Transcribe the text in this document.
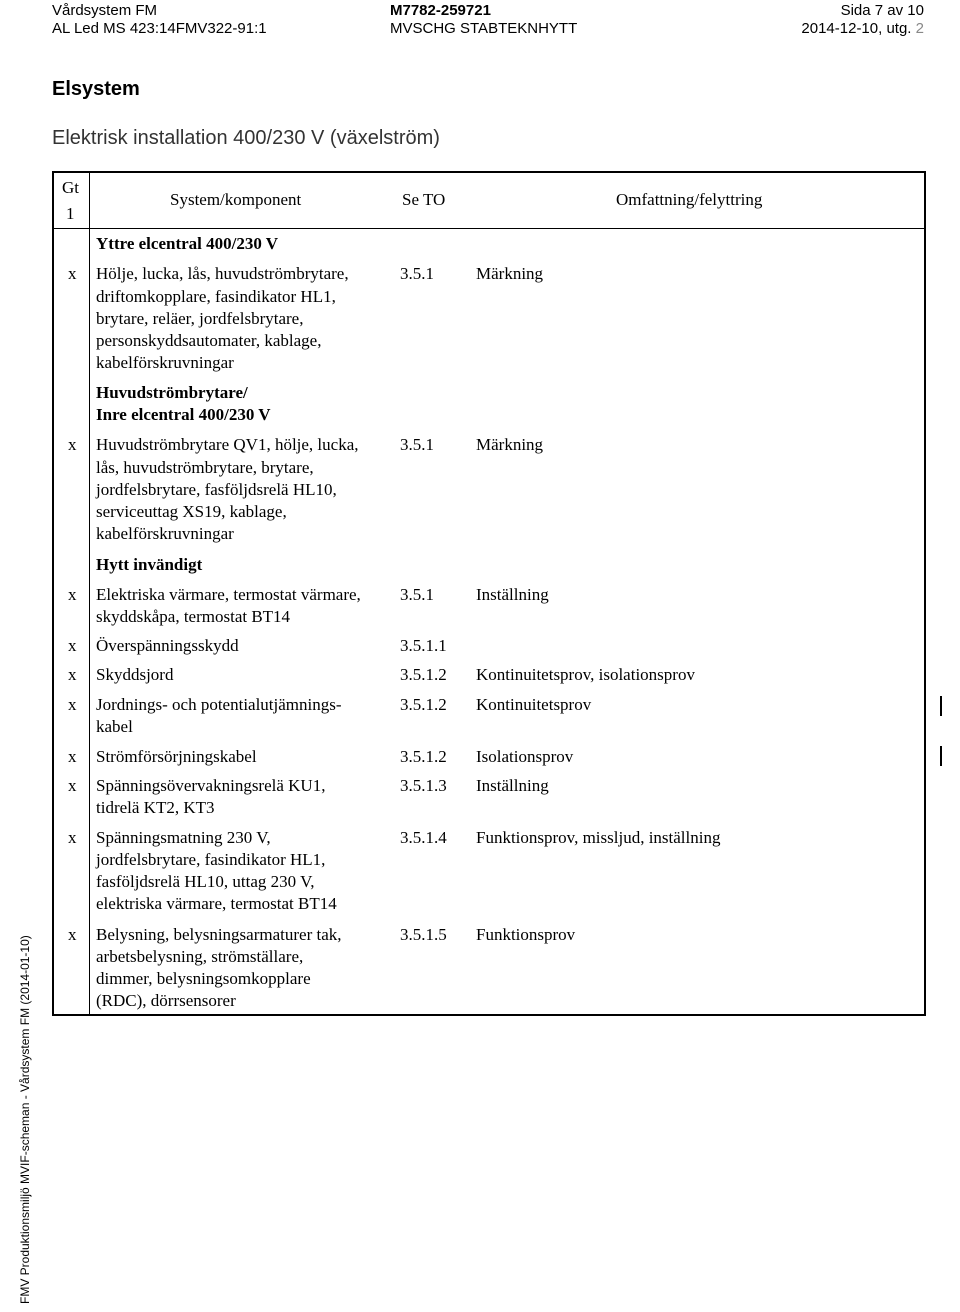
Vårdsystem FM
AL Led MS 423:14FMV322-91:1
M7782-259721
MVSCHG STABTEKNHYTT
Sida 7 av 10
2014-12-10, utg. 2
Elsystem
Elektrisk installation 400/230 V (växelström)
Gt
1
System/komponent	Se TO	Omfattning/felyttring
Yttre elcentral 400/230 V
x Hölje, lucka, lås, huvudströmbrytare,
driftomkopplare, fasindikator HL1,
brytare, reläer, jordfelsbrytare,
personskyddsautomater, kablage,
kabelförskruvningar
3.5.1 Märkning
Huvudströmbrytare/
Inre elcentral 400/230 V
x Huvudströmbrytare QV1, hölje, lucka,
lås, huvudströmbrytare, brytare,
jordfelsbrytare, fasföljdsrelä HL10,
serviceuttag XS19, kablage,
kabelförskruvningar
3.5.1 Märkning
Hytt invändigt
x Elektriska värmare, termostat värmare,
skyddskåpa, termostat BT14
3.5.1 Inställning
x Överspänningsskydd	3.5.1.1
x Skyddsjord	3.5.1.2 Kontinuitetsprov, isolationsprov
x Jordnings- och potentialutjämnings-
kabel
3.5.1.2 Kontinuitetsprov
x Strömförsörjningskabel	3.5.1.2 Isolationsprov
x Spänningsövervakningsrelä KU1,
tidrelä KT2, KT3
3.5.1.3 Inställning
x Spänningsmatning 230 V,
jordfelsbrytare, fasindikator HL1,
fasföljdsrelä HL10, uttag 230 V,
elektriska värmare, termostat BT14
3.5.1.4 Funktionsprov, missljud, inställning
x Belysning, belysningsarmaturer tak,
arbetsbelysning, strömställare,
dimmer, belysningsomkopplare
(RDC), dörrsensorer
3.5.1.5 Funktionsprov
FMV Produktionsmiljö MVIF-scheman - Vårdsystem FM (2014-01-10)
